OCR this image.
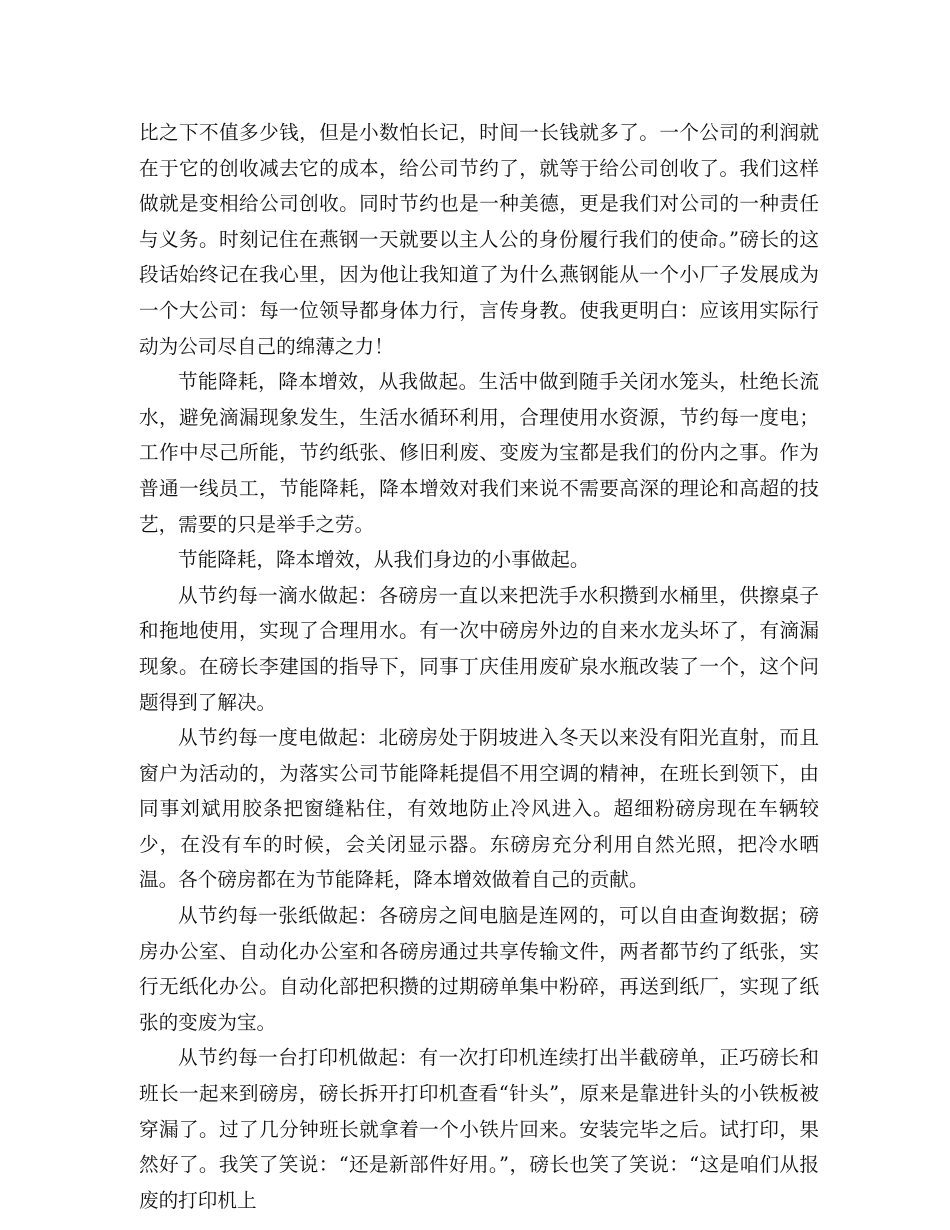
比之下不值多少钱，但是小数怕长记，时间一长钱就多了。一个公司的利润就在于它的创收减去它的成本，给公司节约了，就等于给公司创收了。我们这样做就是变相给公司创收。同时节约也是一种美德，更是我们对公司的一种责任与义务。时刻记住在燕钢一天就要以主人公的身份履行我们的使命。”磅长的这段话始终记在我心里，因为他让我知道了为什么燕钢能从一个小厂子发展成为一个大公司：每一位领导都身体力行，言传身教。使我更明白：应该用实际行动为公司尽自己的绵薄之力！

节能降耗，降本增效，从我做起。生活中做到随手关闭水笼头，杜绝长流水，避免滴漏现象发生，生活水循环利用，合理使用水资源，节约每一度电；工作中尽己所能，节约纸张、修旧利废、变废为宝都是我们的份内之事。作为普通一线员工，节能降耗，降本增效对我们来说不需要高深的理论和高超的技艺，需要的只是举手之劳。

节能降耗，降本增效，从我们身边的小事做起。

从节约每一滴水做起：各磅房一直以来把洗手水积攒到水桶里，供擦桌子和拖地使用，实现了合理用水。有一次中磅房外边的自来水龙头坏了，有滴漏现象。在磅长李建国的指导下，同事丁庆佳用废矿泉水瓶改装了一个，这个问题得到了解决。

从节约每一度电做起：北磅房处于阴坡进入冬天以来没有阳光直射，而且窗户为活动的，为落实公司节能降耗提倡不用空调的精神，在班长到领下，由同事刘斌用胶条把窗缝粘住，有效地防止冷风进入。超细粉磅房现在车辆较少，在没有车的时候，会关闭显示器。东磅房充分利用自然光照，把冷水晒温。各个磅房都在为节能降耗，降本增效做着自己的贡献。

从节约每一张纸做起：各磅房之间电脑是连网的，可以自由查询数据；磅房办公室、自动化办公室和各磅房通过共享传输文件，两者都节约了纸张，实行无纸化办公。自动化部把积攒的过期磅单集中粉碎，再送到纸厂，实现了纸张的变废为宝。

从节约每一台打印机做起：有一次打印机连续打出半截磅单，正巧磅长和班长一起来到磅房，磅长拆开打印机查看“针头”，原来是靠进针头的小铁板被穿漏了。过了几分钟班长就拿着一个小铁片回来。安装完毕之后。试打印，果然好了。我笑了笑说：“还是新部件好用。”，磅长也笑了笑说：“这是咱们从报废的打印机上
